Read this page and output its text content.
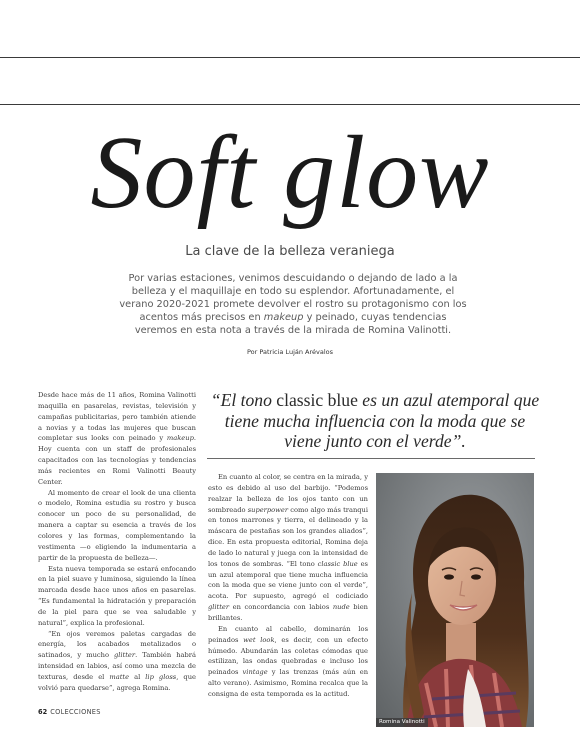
Soft glow
La clave de la belleza veraniega
Por varias estaciones, venimos descuidando o dejando de lado a la belleza y el maquillaje en todo su esplendor. Afortunadamente, el verano 2020-2021 promete devolver el rostro su protagonismo con los acentos más precisos en makeup y peinado, cuyas tendencias veremos en esta nota a través de la mirada de Romina Valinotti.
Por Patricia Luján Arévalos

Desde hace más de 11 años, Romina Valinotti maquilla en pasarelas, revistas, televisión y campañas publicitarias, pero también atiende a novias y a todas las mujeres que buscan completar sus looks con peinado y makeup. Hoy cuenta con un staff de profesionales capacitados con las tecnologías y tendencias más recientes en Romi Valinotti Beauty Center.

Al momento de crear el look de una clienta o modelo, Romina estudia su rostro y busca conocer un poco de su personalidad, de manera a captar su esencia a través de los colores y las formas, complementando la vestimenta —o eligiendo la indumentaria a partir de la propuesta de belleza—.

Esta nueva temporada se estará enfocando en la piel suave y luminosa, siguiendo la línea marcada desde hace unos años en pasarelas. “Es fundamental la hidratación y preparación de la piel para que se vea saludable y natural”, explica la profesional.

“En ojos veremos paletas cargadas de energía, los acabados metalizados o satinados, y mucho glitter. También habrá intensidad en labios, así como una mezcla de texturas, desde el matte al lip gloss, que volvió para quedarse”, agrega Romina.

“El tono classic blue es un azul atemporal que tiene mucha influencia con la moda que se viene junto con el verde”.

En cuanto al color, se centra en la mirada, y esto es debido al uso del barbijo. “Podemos realzar la belleza de los ojos tanto con un sombreado superpower como algo más tranqui en tonos marrones y tierra, el delineado y la máscara de pestañas son los grandes aliados”, dice. En esta propuesta editorial, Romina deja de lado lo natural y juega con la intensidad de los tonos de sombras. “El tono classic blue es un azul atemporal que tiene mucha influencia con la moda que se viene junto con el verde”, acota. Por supuesto, agregó el codiciado glitter en concordancia con labios nude bien brillantes.

En cuanto al cabello, dominarán los peinados wet look, es decir, con un efecto húmedo. Abundarán las coletas cómodas que estilizan, las ondas quebradas e incluso los peinados vintage y las trenzas (más aún en alto verano). Asimismo, Romina recalca que la consigna de esta temporada es la actitud.

Romina Valinotti
62 COLECCIONES
